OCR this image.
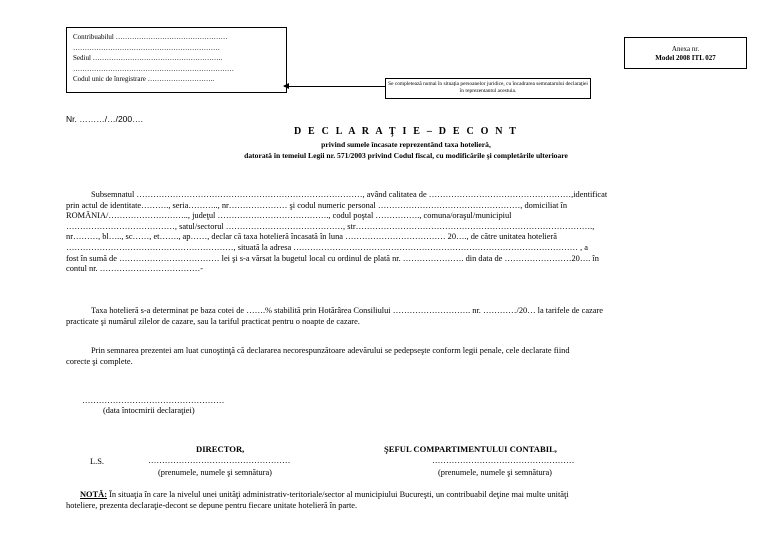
Contribuabilul …………………………………………
………………………………………………………
Sediul ………………………………………………..
……………………………………………………………
Codul unic de înregistrare ………………………..
Se completează numai în situaţia persoanelor juridice, cu încadrarea semnatarului declaraţiei în reprezentantul acestuia.
Anexa nr.
Model 2008 ITL 027
Nr. ………/…/200….
D E C L A R A Ţ I E – D E C O N T
privind sumele încasate reprezentând taxa hotelieră,
datorată în temeiul Legii nr. 571/2003 privind Codul fiscal, cu modificările şi completările ulterioare
Subsemnatul ………………………………………………………………………, având calitatea de ……………………………………………,identificat
prin actul de identitate………., seria……….., nr………………… şi codul numeric personal ……………………………………………, domiciliat în
ROMÂNIA/……………………….., judeţul …………………………………., codul poştal ……………., comuna/oraşul/municipiul
…………………………………, satul/sectorul ……………………………………, str………………………………………………………………………….,
nr………, bl….., sc……, et……., ap……, declar că taxa hotelieră încasată în luna ……………………………… 20…., de către unitatea hotelieră
……………………………………………………, situată la adresa ………………………………………………………………………………………… , a
fost în sumă de ……………………………… lei şi s-a vărsat la bugetul local cu ordinul de plată nr. …………………. din data de ……………………20…. în
contul nr. ………………………………-
Taxa hotelieră s-a determinat pe baza cotei de …….% stabilită prin Hotărârea Consiliului ………………………. nr. …………/20… la tarifele de cazare
practicate şi numărul zilelor de cazare, sau la tariful practicat pentru o noapte de cazare.
Prin semnarea prezentei am luat cunoştinţă că declararea necorespunzătoare adevărului se pedepseşte conform legii penale, cele declarate fiind
corecte şi complete.
……………………………………………
(data întocmirii declaraţiei)
DIRECTOR,
L.S.	……………………………………………
(prenumele, numele şi semnătura)
ŞEFUL COMPARTIMENTULUI CONTABIL,
……………………………………………
(prenumele, numele şi semnătura)
NOTĂ: În situaţia în care la nivelul unei unităţi administrativ-teritoriale/sector al municipiului Bucureşti, un contribuabil deţine mai multe unităţi
hoteliere, prezenta declaraţie-decont se depune pentru fiecare unitate hotelieră în parte.
